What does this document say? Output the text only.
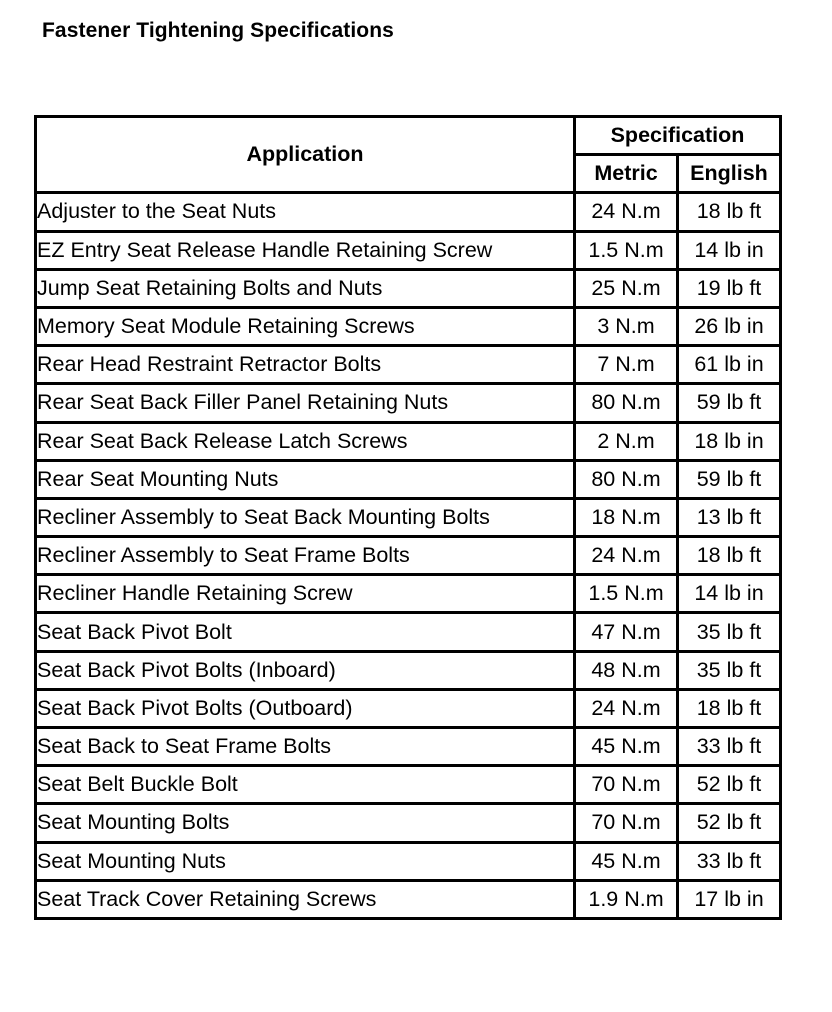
Fastener Tightening Specifications
Application	Specification	
	Metric	English
Adjuster to the Seat Nuts	24 N.m	18 lb ft
EZ Entry Seat Release Handle Retaining Screw	1.5 N.m	14 lb in
Jump Seat Retaining Bolts and Nuts	25 N.m	19 lb ft
Memory Seat Module Retaining Screws	3 N.m	26 lb in
Rear Head Restraint Retractor Bolts	7 N.m	61 lb in
Rear Seat Back Filler Panel Retaining Nuts	80 N.m	59 lb ft
Rear Seat Back Release Latch Screws	2 N.m	18 lb in
Rear Seat Mounting Nuts	80 N.m	59 lb ft
Recliner Assembly to Seat Back Mounting Bolts	18 N.m	13 lb ft
Recliner Assembly to Seat Frame Bolts	24 N.m	18 lb ft
Recliner Handle Retaining Screw	1.5 N.m	14 lb in
Seat Back Pivot Bolt	47 N.m	35 lb ft
Seat Back Pivot Bolts (Inboard)	48 N.m	35 lb ft
Seat Back Pivot Bolts (Outboard)	24 N.m	18 lb ft
Seat Back to Seat Frame Bolts	45 N.m	33 lb ft
Seat Belt Buckle Bolt	70 N.m	52 lb ft
Seat Mounting Bolts	70 N.m	52 lb ft
Seat Mounting Nuts	45 N.m	33 lb ft
Seat Track Cover Retaining Screws	1.9 N.m	17 lb in
